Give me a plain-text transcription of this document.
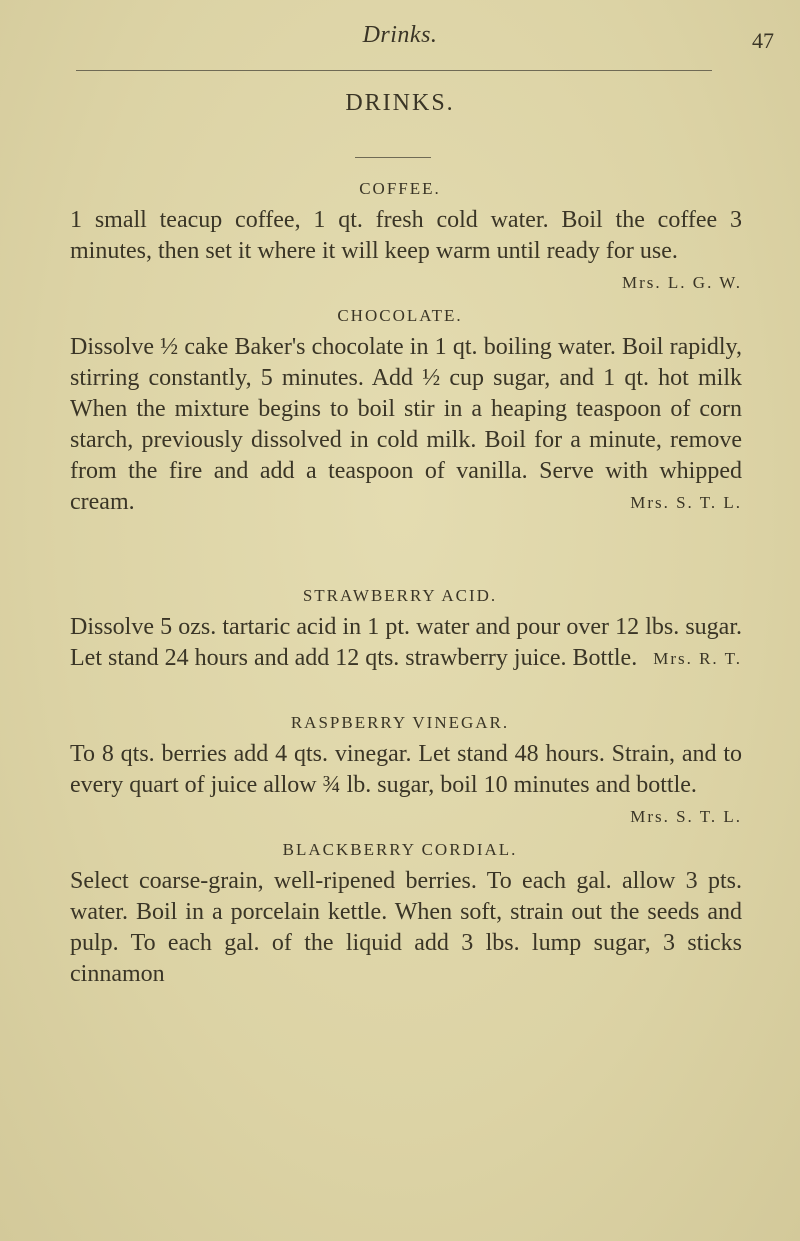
Drinks.	47
DRINKS.
COFFEE.
1 small teacup coffee, 1 qt. fresh cold water. Boil the coffee 3 minutes, then set it where it will keep warm until ready for use.
Mrs. L. G. W.
CHOCOLATE.
Dissolve ½ cake Baker's chocolate in 1 qt. boiling water. Boil rapidly, stirring constantly, 5 minutes. Add ½ cup sugar, and 1 qt. hot milk When the mixture begins to boil stir in a heaping teaspoon of corn starch, previously dissolved in cold milk. Boil for a minute, remove from the fire and add a teaspoon of vanilla. Serve with whipped cream.	Mrs. S. T. L.
STRAWBERRY ACID.
Dissolve 5 ozs. tartaric acid in 1 pt. water and pour over 12 lbs. sugar. Let stand 24 hours and add 12 qts. strawberry juice. Bottle. Mrs. R. T.
RASPBERRY VINEGAR.
To 8 qts. berries add 4 qts. vinegar. Let stand 48 hours. Strain, and to every quart of juice allow ¾ lb. sugar, boil 10 minutes and bottle.
Mrs. S. T. L.
BLACKBERRY CORDIAL.
Select coarse-grain, well-ripened berries. To each gal. allow 3 pts. water. Boil in a porcelain kettle. When soft, strain out the seeds and pulp. To each gal. of the liquid add 3 lbs. lump sugar, 3 sticks cinnamon
